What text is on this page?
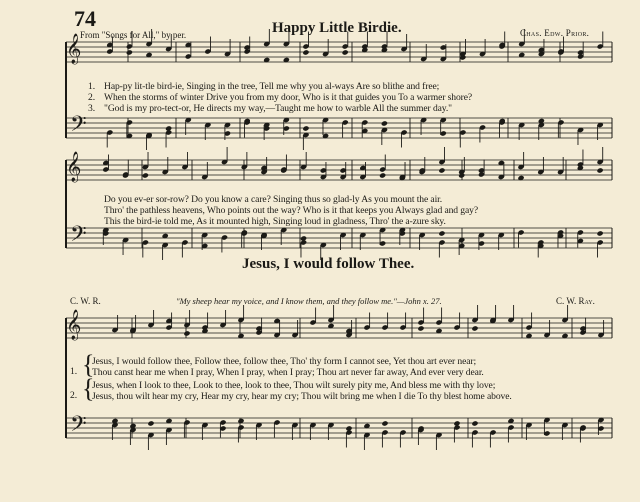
𝄞
𝄢
𝄞
𝄢
𝄞
𝄢
74
From "Songs for All," by per.	Happy Little Birdie.	Chas. Edw. Prior.
1. Hap-py lit-tle bird-ie, Singing in the tree, Tell me why you al-ways Are so blithe and free;
2. When the storms of winter Drive you from my door, Who is it that guides you To a warmer shore?
3. "God is my pro-tect-or, He directs my way,—Taught me how to warble All the summer day."
Do you ev-er sor-row? Do you know a care? Singing thus so glad-ly As you mount the air.
Thro' the pathless heavens, Who points out the way? Who is it that keeps you Always glad and gay?
This the bird-ie told me, As it mounted high, Singing loud in gladness, Thro' the a-zure sky.
Jesus, I would follow Thee.
C. W. R.	"My sheep hear my voice, and I know them, and they follow me."—John x. 27.	C. W. Ray.
1. {
Jesus, I would follow thee, Follow thee, follow thee, Tho' thy form I cannot see, Yet thou art ever near;
Thou canst hear me when I pray, When I pray, when I pray; Thou art never far away, And ever very dear.
2. {
Jesus, when I look to thee, Look to thee, look to thee, Thou wilt surely pity me, And bless me with thy love;
Jesus, thou wilt hear my cry, Hear my cry, hear my cry; Thou wilt bring me when I die To thy blest home above.
